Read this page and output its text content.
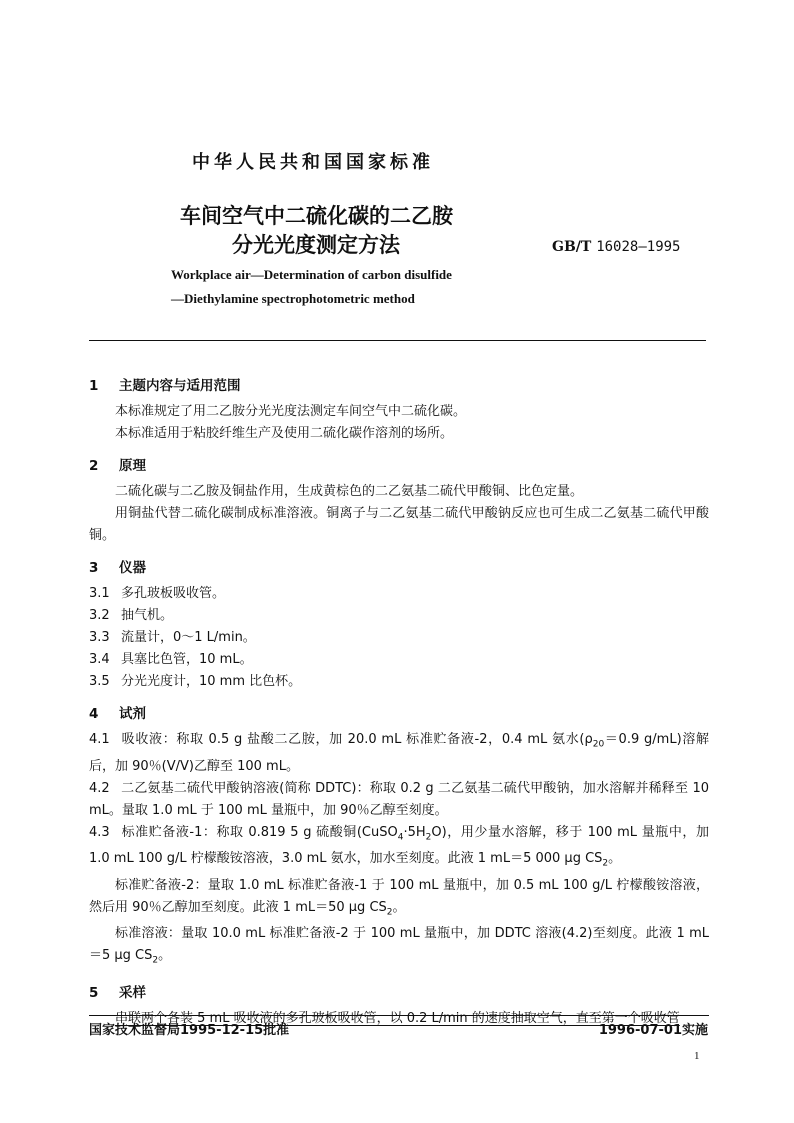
中华人民共和国国家标准
车间空气中二硫化碳的二乙胺
分光光度测定方法	GB/T 16028—1995
Workplace air—Determination of carbon disulfide
—Diethylamine spectrophotometric method
1 主题内容与适用范围
本标准规定了用二乙胺分光光度法测定车间空气中二硫化碳。
本标准适用于粘胶纤维生产及使用二硫化碳作溶剂的场所。
2 原理
二硫化碳与二乙胺及铜盐作用，生成黄棕色的二乙氨基二硫代甲酸铜、比色定量。
用铜盐代替二硫化碳制成标准溶液。铜离子与二乙氨基二硫代甲酸钠反应也可生成二乙氨基二硫代甲酸铜。
3 仪器
3.1 多孔玻板吸收管。
3.2 抽气机。
3.3 流量计，0～1 L/min。
3.4 具塞比色管，10 mL。
3.5 分光光度计，10 mm 比色杯。
4 试剂
4.1 吸收液：称取 0.5 g 盐酸二乙胺，加 20.0 mL 标准贮备液-2，0.4 mL 氨水($\rho_{20}=0.9$ g/mL)溶解后，加 90％(V/V)乙醇至 100 mL。
4.2 二乙氨基二硫代甲酸钠溶液(简称 DDTC)：称取 0.2 g 二乙氨基二硫代甲酸钠，加水溶解并稀释至 10 mL。量取 1.0 mL 于 100 mL 量瓶中，加 90％乙醇至刻度。
4.3 标准贮备液-1：称取 0.819 5 g 硫酸铜$(CuSO_4\cdot 5H_2O)$，用少量水溶解，移于 100 mL 量瓶中，加 1.0 mL 100 g/L 柠檬酸铵溶液，3.0 mL 氨水，加水至刻度。此液 1 mL＝5 000 μg $CS_2$。
标准贮备液-2：量取 1.0 mL 标准贮备液-1 于 100 mL 量瓶中，加 0.5 mL 100 g/L 柠檬酸铵溶液，然后用 90％乙醇加至刻度。此液 1 mL＝50 μg $CS_2$。
标准溶液：量取 10.0 mL 标准贮备液-2 于 100 mL 量瓶中，加 DDTC 溶液(4.2)至刻度。此液 1 mL＝5 μg $CS_2$。
5 采样
串联两个各装 5 mL 吸收液的多孔玻板吸收管，以 0.2 L/min 的速度抽取空气，直至第一个吸收管
国家技术监督局1995-12-15批准	1996-07-01实施
1
